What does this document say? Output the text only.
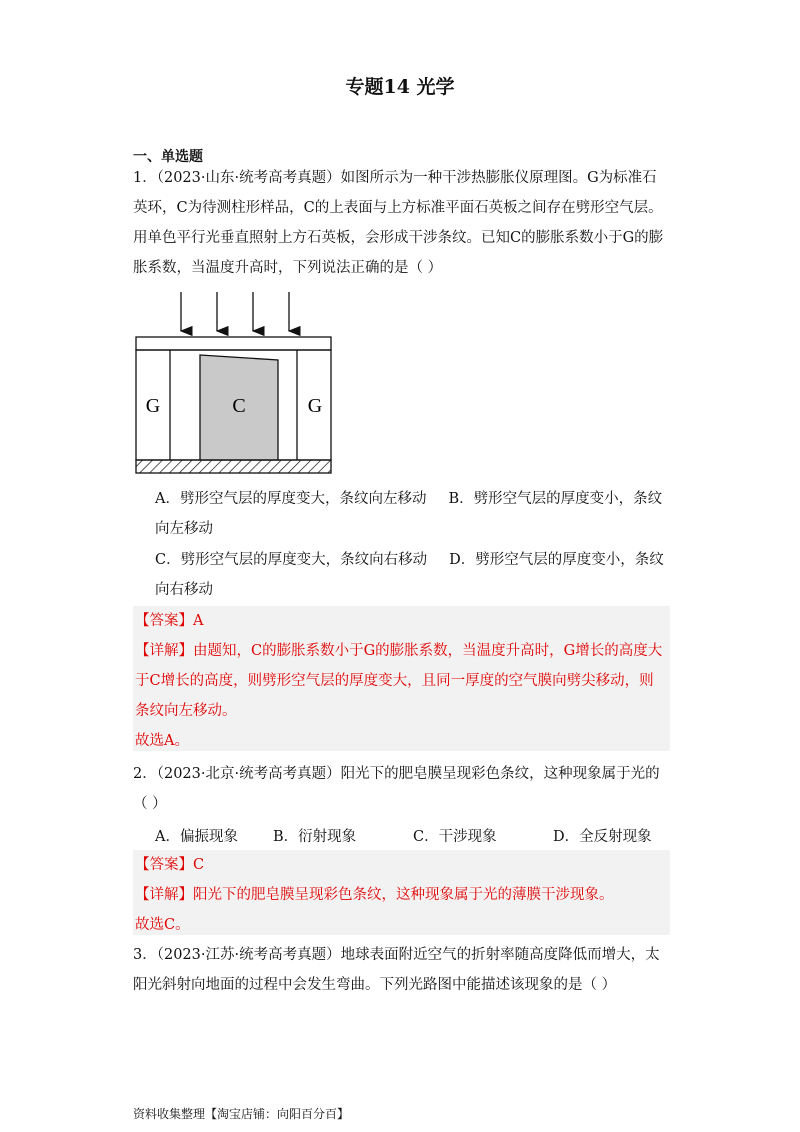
专题14 光学
一、单选题
1．（2023·山东·统考高考真题）如图所示为一种干涉热膨胀仪原理图。G为标准石英环，C为待测柱形样品，C的上表面与上方标准平面石英板之间存在劈形空气层。用单色平行光垂直照射上方石英板，会形成干涉条纹。已知C的膨胀系数小于G的膨胀系数，当温度升高时，下列说法正确的是（ ）
G	C	G
A．劈形空气层的厚度变大，条纹向左移动 B．劈形空气层的厚度变小，条纹向左移动
C．劈形空气层的厚度变大，条纹向右移动 D．劈形空气层的厚度变小，条纹向右移动
【答案】A
【详解】由题知，C的膨胀系数小于G的膨胀系数，当温度升高时，G增长的高度大于C增长的高度，则劈形空气层的厚度变大，且同一厚度的空气膜向劈尖移动，则条纹向左移动。
故选A。
2．（2023·北京·统考高考真题）阳光下的肥皂膜呈现彩色条纹，这种现象属于光的（ ）
A．偏振现象 B．衍射现象	C．干涉现象	D．全反射现象
【答案】C
【详解】阳光下的肥皂膜呈现彩色条纹，这种现象属于光的薄膜干涉现象。
故选C。
3．（2023·江苏·统考高考真题）地球表面附近空气的折射率随高度降低而增大，太阳光斜射向地面的过程中会发生弯曲。下列光路图中能描述该现象的是（ ）
资料收集整理【淘宝店铺：向阳百分百】
